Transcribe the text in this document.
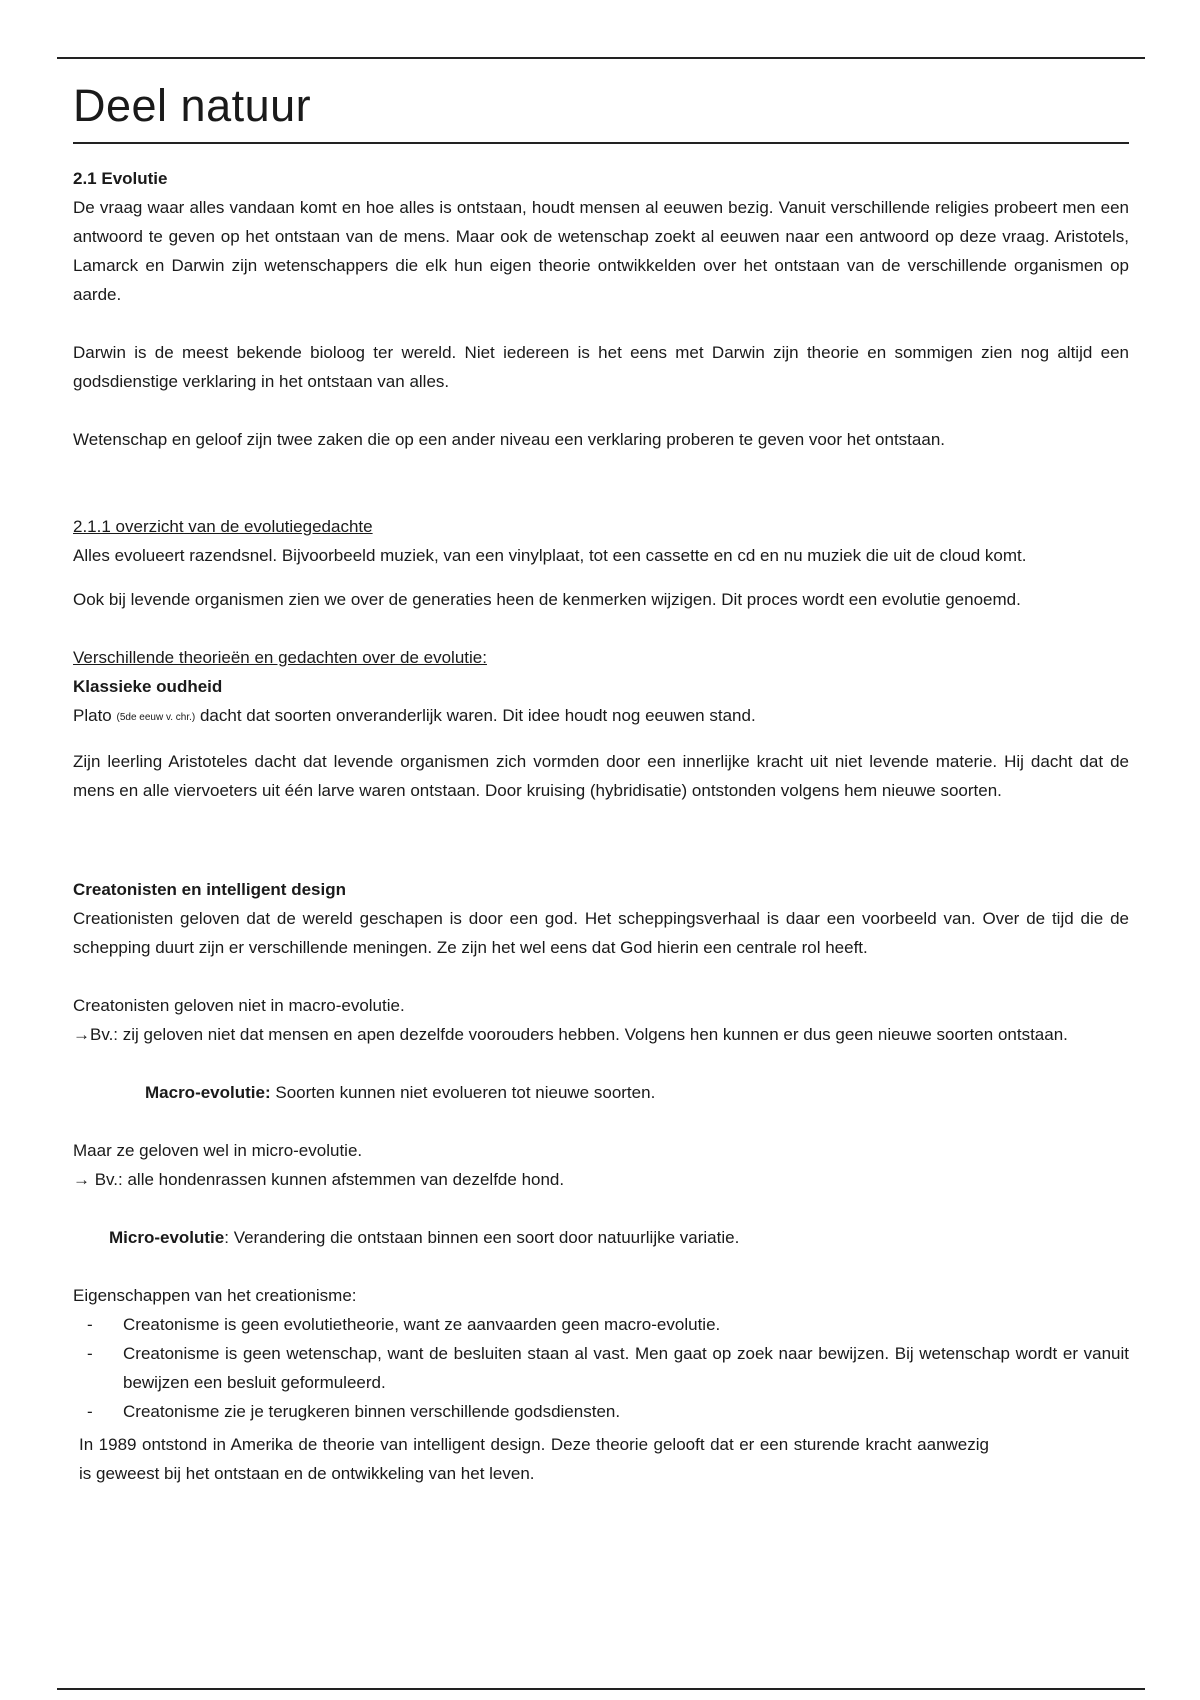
Deel natuur

2.1 Evolutie

De vraag waar alles vandaan komt en hoe alles is ontstaan, houdt mensen al eeuwen bezig. Vanuit verschillende religies probeert men een antwoord te geven op het ontstaan van de mens. Maar ook de wetenschap zoekt al eeuwen naar een antwoord op deze vraag. Aristotels, Lamarck en Darwin zijn wetenschappers die elk hun eigen theorie ontwikkelden over het ontstaan van de verschillende organismen op aarde.

Darwin is de meest bekende bioloog ter wereld. Niet iedereen is het eens met Darwin zijn theorie en sommigen zien nog altijd een godsdienstige verklaring in het ontstaan van alles.

Wetenschap en geloof zijn twee zaken die op een ander niveau een verklaring proberen te geven voor het ontstaan.

2.1.1 overzicht van de evolutiegedachte

Alles evolueert razendsnel. Bijvoorbeeld muziek, van een vinylplaat, tot een cassette en cd en nu muziek die uit de cloud komt.

Ook bij levende organismen zien we over de generaties heen de kenmerken wijzigen. Dit proces wordt een evolutie genoemd.

Verschillende theorieën en gedachten over de evolutie:

Klassieke oudheid

Plato (5de eeuw v. chr.) dacht dat soorten onveranderlijk waren. Dit idee houdt nog eeuwen stand.

Zijn leerling Aristoteles dacht dat levende organismen zich vormden door een innerlijke kracht uit niet levende materie. Hij dacht dat de mens en alle viervoeters uit één larve waren ontstaan. Door kruising (hybridisatie) ontstonden volgens hem nieuwe soorten.

Creatonisten en intelligent design

Creationisten geloven dat de wereld geschapen is door een god. Het scheppingsverhaal is daar een voorbeeld van. Over de tijd die de schepping duurt zijn er verschillende meningen. Ze zijn het wel eens dat God hierin een centrale rol heeft.

Creatonisten geloven niet in macro-evolutie.

→Bv.: zij geloven niet dat mensen en apen dezelfde voorouders hebben. Volgens hen kunnen er dus geen nieuwe soorten ontstaan.

Macro-evolutie: Soorten kunnen niet evolueren tot nieuwe soorten.

Maar ze geloven wel in micro-evolutie.

→ Bv.: alle hondenrassen kunnen afstemmen van dezelfde hond.

Micro-evolutie: Verandering die ontstaan binnen een soort door natuurlijke variatie.

Eigenschappen van het creationisme:

- Creatonisme is geen evolutietheorie, want ze aanvaarden geen macro-evolutie.
- Creatonisme is geen wetenschap, want de besluiten staan al vast. Men gaat op zoek naar bewijzen. Bij wetenschap wordt er vanuit bewijzen een besluit geformuleerd.
- Creatonisme zie je terugkeren binnen verschillende godsdiensten.

In 1989 ontstond in Amerika de theorie van intelligent design. Deze theorie gelooft dat er een sturende kracht aanwezig is geweest bij het ontstaan en de ontwikkeling van het leven.
